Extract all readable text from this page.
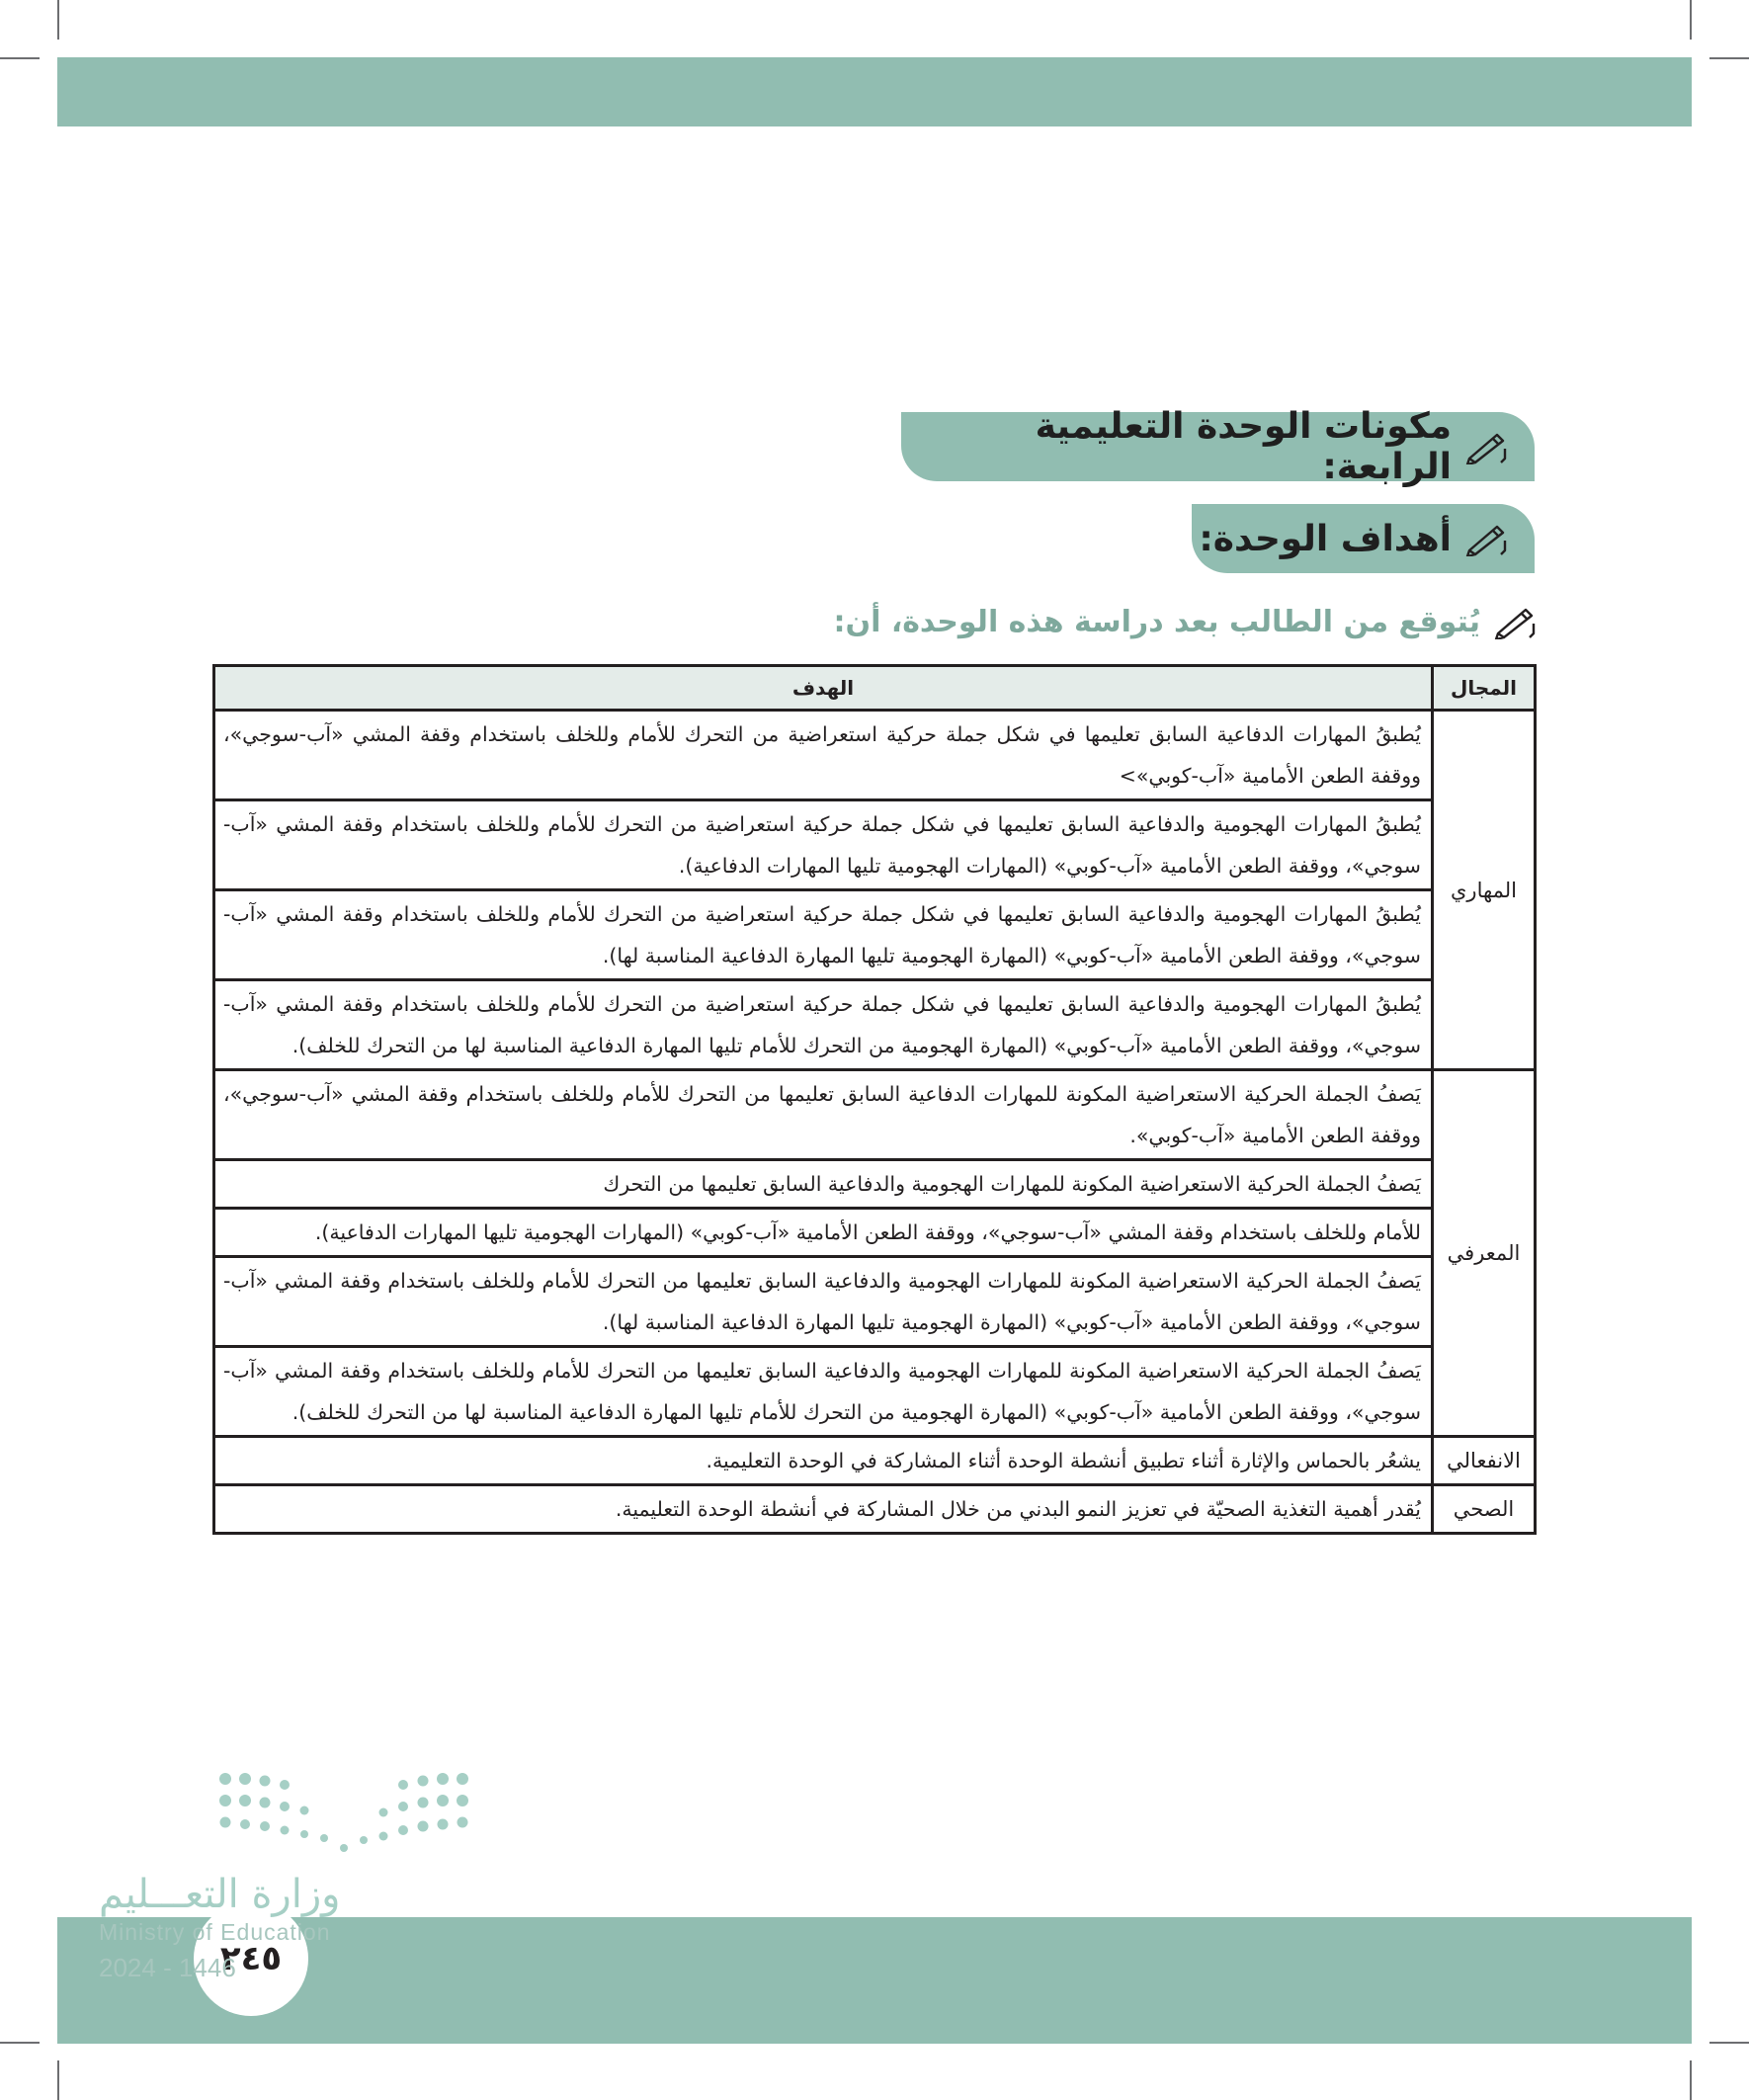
مكونات الوحدة التعليمية الرابعة:
أهداف الوحدة:
يُتوقع من الطالب بعد دراسة هذه الوحدة، أن:
المجال	الهدف
المهاري	يُطبقُ المهارات الدفاعية السابق تعليمها في شكل جملة حركية استعراضية من التحرك للأمام وللخلف باستخدام وقفة المشي «آب-سوجي»، ووقفة الطعن الأمامية «آب-كوبي»>
	يُطبقُ المهارات الهجومية والدفاعية السابق تعليمها في شكل جملة حركية استعراضية من التحرك للأمام وللخلف باستخدام وقفة المشي «آب-سوجي»، ووقفة الطعن الأمامية «آب-كوبي» (المهارات الهجومية تليها المهارات الدفاعية).
	يُطبقُ المهارات الهجومية والدفاعية السابق تعليمها في شكل جملة حركية استعراضية من التحرك للأمام وللخلف باستخدام وقفة المشي «آب-سوجي»، ووقفة الطعن الأمامية «آب-كوبي» (المهارة الهجومية تليها المهارة الدفاعية المناسبة لها).
	يُطبقُ المهارات الهجومية والدفاعية السابق تعليمها في شكل جملة حركية استعراضية من التحرك للأمام وللخلف باستخدام وقفة المشي «آب-سوجي»، ووقفة الطعن الأمامية «آب-كوبي» (المهارة الهجومية من التحرك للأمام تليها المهارة الدفاعية المناسبة لها من التحرك للخلف).
المعرفي	يَصفُ الجملة الحركية الاستعراضية المكونة للمهارات الدفاعية السابق تعليمها من التحرك للأمام وللخلف باستخدام وقفة المشي «آب-سوجي»، ووقفة الطعن الأمامية «آب-كوبي».
	يَصفُ الجملة الحركية الاستعراضية المكونة للمهارات الهجومية والدفاعية السابق تعليمها من التحرك
	للأمام وللخلف باستخدام وقفة المشي «آب-سوجي»، ووقفة الطعن الأمامية «آب-كوبي» (المهارات الهجومية تليها المهارات الدفاعية).
	يَصفُ الجملة الحركية الاستعراضية المكونة للمهارات الهجومية والدفاعية السابق تعليمها من التحرك للأمام وللخلف باستخدام وقفة المشي «آب-سوجي»، ووقفة الطعن الأمامية «آب-كوبي» (المهارة الهجومية تليها المهارة الدفاعية المناسبة لها).
	يَصفُ الجملة الحركية الاستعراضية المكونة للمهارات الهجومية والدفاعية السابق تعليمها من التحرك للأمام وللخلف باستخدام وقفة المشي «آب-سوجي»، ووقفة الطعن الأمامية «آب-كوبي» (المهارة الهجومية من التحرك للأمام تليها المهارة الدفاعية المناسبة لها من التحرك للخلف).
الانفعالي	يشعُر بالحماس والإثارة أثناء تطبيق أنشطة الوحدة أثناء المشاركة في الوحدة التعليمية.
الصحي	يُقدر أهمية التغذية الصحيّة في تعزيز النمو البدني من خلال المشاركة في أنشطة الوحدة التعليمية.
٢٤٥
وزارة التعـــليم
Ministry of Education
2024 - 1446
